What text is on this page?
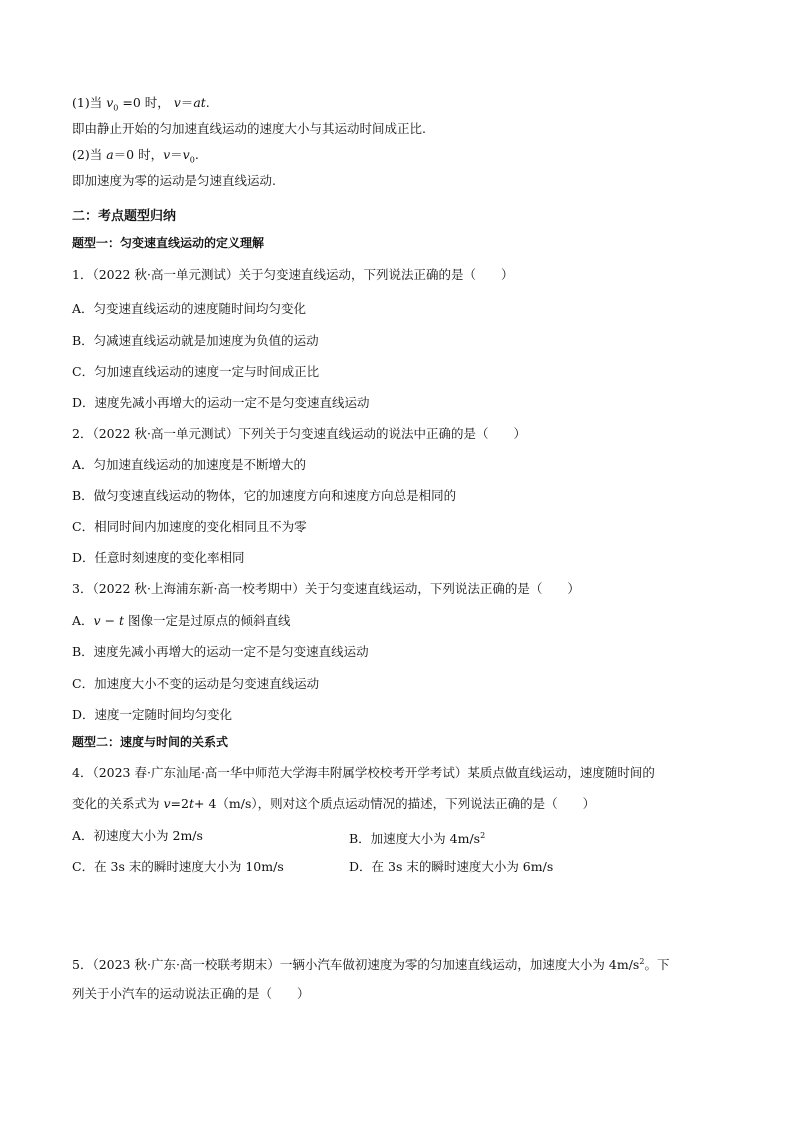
(1)当 $v_0 =0$ 时， v＝at.
即由静止开始的匀加速直线运动的速度大小与其运动时间成正比.
(2)当 a＝0 时，$v=v_0$.
即加速度为零的运动是匀速直线运动.
二：考点题型归纳
题型一：匀变速直线运动的定义理解
1．（2022 秋·高一单元测试）关于匀变速直线运动，下列说法正确的是（　　）
A．匀变速直线运动的速度随时间均匀变化
B．匀减速直线运动就是加速度为负值的运动
C．匀加速直线运动的速度一定与时间成正比
D．速度先减小再增大的运动一定不是匀变速直线运动
2．（2022 秋·高一单元测试）下列关于匀变速直线运动的说法中正确的是（　　）
A．匀加速直线运动的加速度是不断增大的
B．做匀变速直线运动的物体，它的加速度方向和速度方向总是相同的
C．相同时间内加速度的变化相同且不为零
D．任意时刻速度的变化率相同
3．（2022 秋·上海浦东新·高一校考期中）关于匀变速直线运动，下列说法正确的是（　　）
A．v − t 图像一定是过原点的倾斜直线
B．速度先减小再增大的运动一定不是匀变速直线运动
C．加速度大小不变的运动是匀变速直线运动
D．速度一定随时间均匀变化
题型二：速度与时间的关系式
4．（2023 春·广东汕尾·高一华中师范大学海丰附属学校校考开学考试）某质点做直线运动，速度随时间的
变化的关系式为 v=2t+ 4（m/s），则对这个质点运动情况的描述，下列说法正确的是（　　）
A．初速度大小为 2m/s	B．加速度大小为 $4m/s^2$
C．在 3s 末的瞬时速度大小为 10m/s	D．在 3s 末的瞬时速度大小为 6m/s
5．（2023 秋·广东·高一校联考期末）一辆小汽车做初速度为零的匀加速直线运动，加速度大小为 $4m/s^2$。下
列关于小汽车的运动说法正确的是（　　）
